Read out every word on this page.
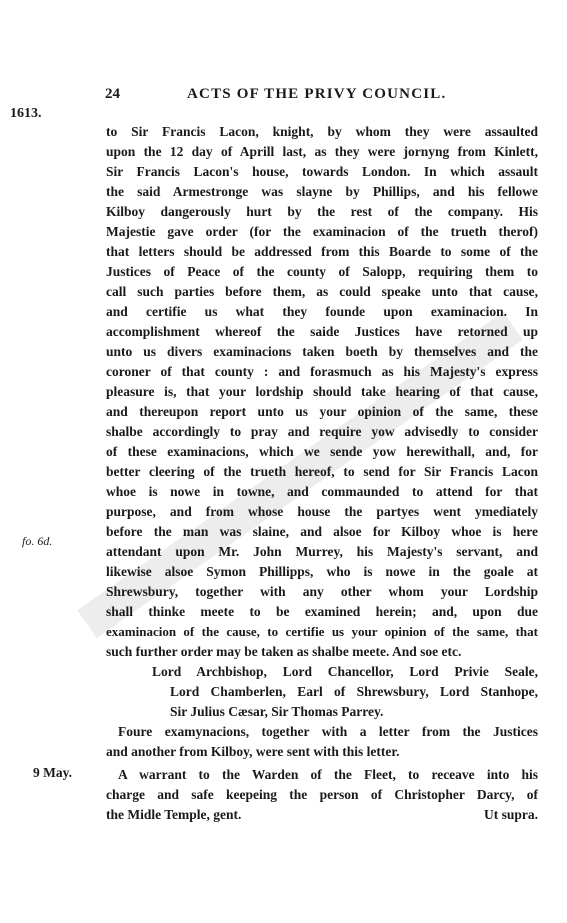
24	ACTS OF THE PRIVY COUNCIL.
1613.
fo. 6d.
9 May.
to Sir Francis Lacon, knight, by whom they were assaulted
upon the 12 day of Aprill last, as they were jornyng from Kinlett,
Sir Francis Lacon's house, towards London. In which assault
the said Armestronge was slayne by Phillips, and his fellowe
Kilboy dangerously hurt by the rest of the company. His
Majestie gave order (for the examinacion of the trueth therof)
that letters should be addressed from this Boarde to some of the
Justices of Peace of the county of Salopp, requiring them to
call such parties before them, as could speake unto that cause,
and certifie us what they founde upon examinacion. In
accomplishment whereof the saide Justices have retorned up
unto us divers examinacions taken boeth by themselves and the
coroner of that county : and forasmuch as his Majesty's express
pleasure is, that your lordship should take hearing of that cause,
and thereupon report unto us your opinion of the same, these
shalbe accordingly to pray and require yow advisedly to consider
of these examinacions, which we sende yow herewithall, and, for
better cleering of the trueth hereof, to send for Sir Francis Lacon
whoe is nowe in towne, and commaunded to attend for that
purpose, and from whose house the partyes went ymediately
before the man was slaine, and alsoe for Kilboy whoe is here
attendant upon Mr. John Murrey, his Majesty's servant, and
likewise alsoe Symon Phillipps, who is nowe in the goale at
Shrewsbury, together with any other whom your Lordship
shall thinke meete to be examined herein; and, upon due
examinacion of the cause, to certifie us your opinion of the same, that
such further order may be taken as shalbe meete. And soe etc.
Lord Archbishop, Lord Chancellor, Lord Privie Seale,
Lord Chamberlen, Earl of Shrewsbury, Lord Stanhope,
Sir Julius Cæsar, Sir Thomas Parrey.
Foure examynacions, together with a letter from the Justices
and another from Kilboy, were sent with this letter.
A warrant to the Warden of the Fleet, to receave into his
charge and safe keepeing the person of Christopher Darcy, of
the Midle Temple, gent.	Ut supra.
